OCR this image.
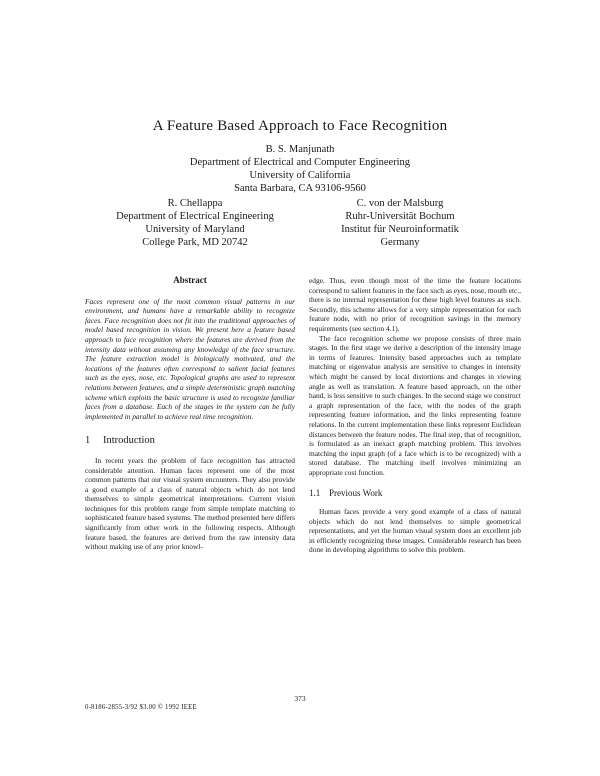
A Feature Based Approach to Face Recognition
B. S. Manjunath
Department of Electrical and Computer Engineering
University of California
Santa Barbara, CA 93106-9560
R. Chellappa
Department of Electrical Engineering
University of Maryland
College Park, MD 20742
C. von der Malsburg
Ruhr-Universität Bochum
Institut für Neuroinformatik
Germany
Abstract

Faces represent one of the most common visual patterns in our environment, and humans have a remarkable ability to recognize faces. Face recognition does not fit into the traditional approaches of model based recognition in vision. We present here a feature based approach to face recognition where the features are derived from the intensity data without assuming any knowledge of the face structure. The feature extraction model is biologically motivated, and the locations of the features often correspond to salient facial features such as the eyes, nose, etc. Topological graphs are used to represent relations between features, and a simple deterministic graph matching scheme which exploits the basic structure is used to recognize familiar faces from a database. Each of the stages in the system can be fully implemented in parallel to achieve real time recognition.

1 Introduction

In recent years the problem of face recognition has attracted considerable attention. Human faces represent one of the most common patterns that our visual system encounters. They also provide a good example of a class of natural objects which do not lend themselves to simple geometrical interpretations. Current vision techniques for this problem range from simple template matching to sophisticated feature based systems. The method presented here differs significantly from other work in the following respects. Although feature based, the features are derived from the raw intensity data without making use of any prior knowl-

edge. Thus, even though most of the time the feature locations correspond to salient features in the face such as eyes, nose, mouth etc., there is no internal representation for these high level features as such. Secondly, this scheme allows for a very simple representation for each feature node, with no prior of recognition savings in the memory requirements (see section 4.1).

The face recognition scheme we propose consists of three main stages. In the first stage we derive a description of the intensity image in terms of features. Intensity based approaches such as template matching or eigenvalue analysis are sensitive to changes in intensity which might be caused by local distortions and changes in viewing angle as well as translation. A feature based approach, on the other hand, is less sensitive to such changes. In the second stage we construct a graph representation of the face, with the nodes of the graph representing feature information, and the links representing feature relations. In the current implementation these links represent Euclidean distances between the feature nodes. The final step, that of recognition, is formulated as an inexact graph matching problem. This involves matching the input graph (of a face which is to be recognized) with a stored database. The matching itself involves minimizing an appropriate cost function.

1.1 Previous Work

Human faces provide a very good example of a class of natural objects which do not lend themselves to simple geometrical representations, and yet the human visual system does an excellent job in efficiently recognizing these images. Considerable research has been done in developing algorithms to solve this problem.

373
0-8186-2855-3/92 $3.00 © 1992 IEEE
